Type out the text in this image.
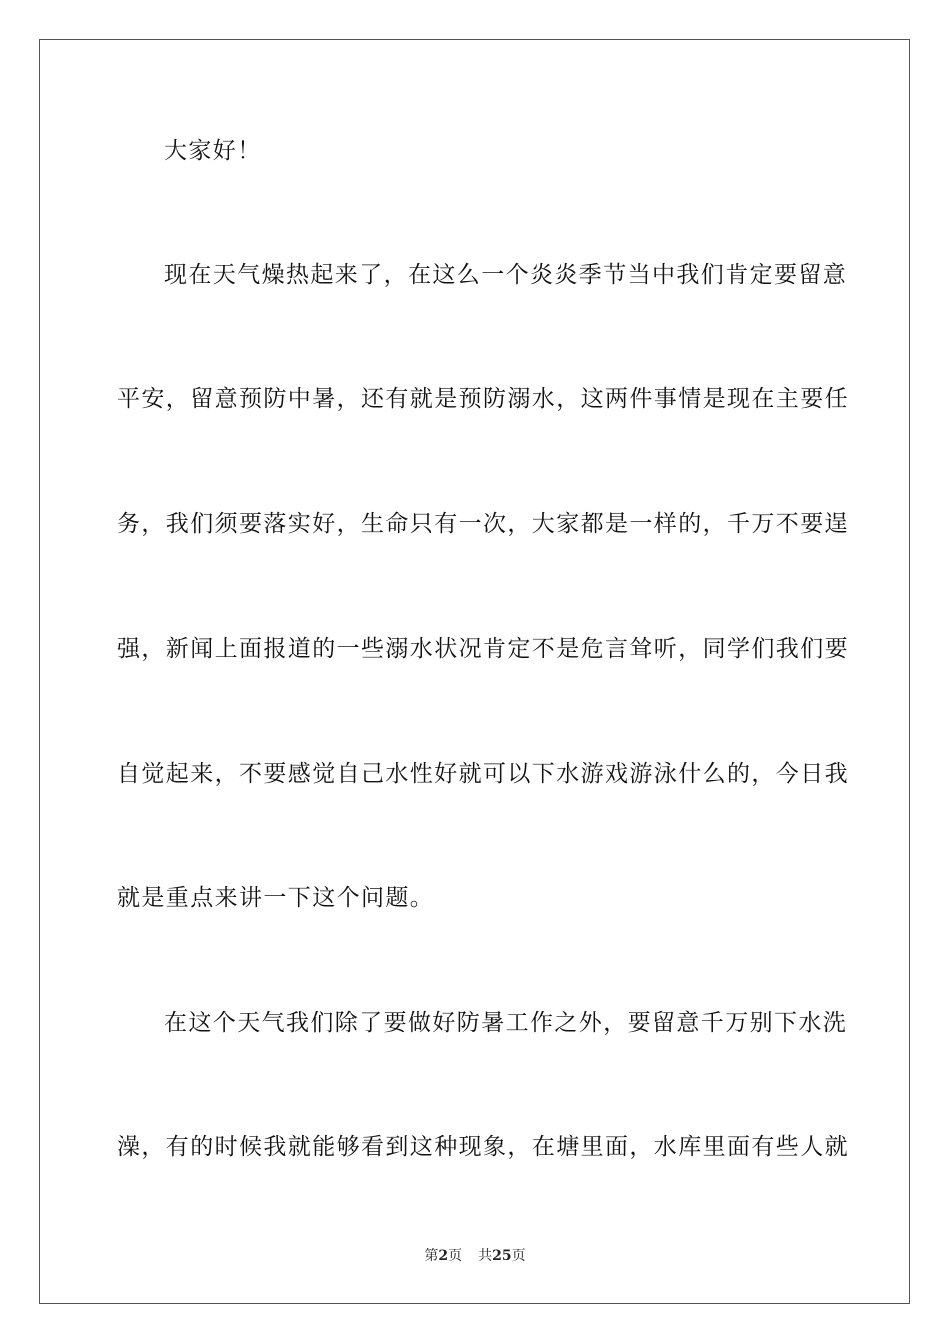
大家好！
现在天气燥热起来了，在这么一个炎炎季节当中我们肯定要留意
平安，留意预防中暑，还有就是预防溺水，这两件事情是现在主要任
务，我们须要落实好，生命只有一次，大家都是一样的，千万不要逞
强，新闻上面报道的一些溺水状况肯定不是危言耸听，同学们我们要
自觉起来，不要感觉自己水性好就可以下水游戏游泳什么的，今日我
就是重点来讲一下这个问题。
在这个天气我们除了要做好防暑工作之外，要留意千万别下水洗
澡，有的时候我就能够看到这种现象，在塘里面，水库里面有些人就
第2页 共25页
